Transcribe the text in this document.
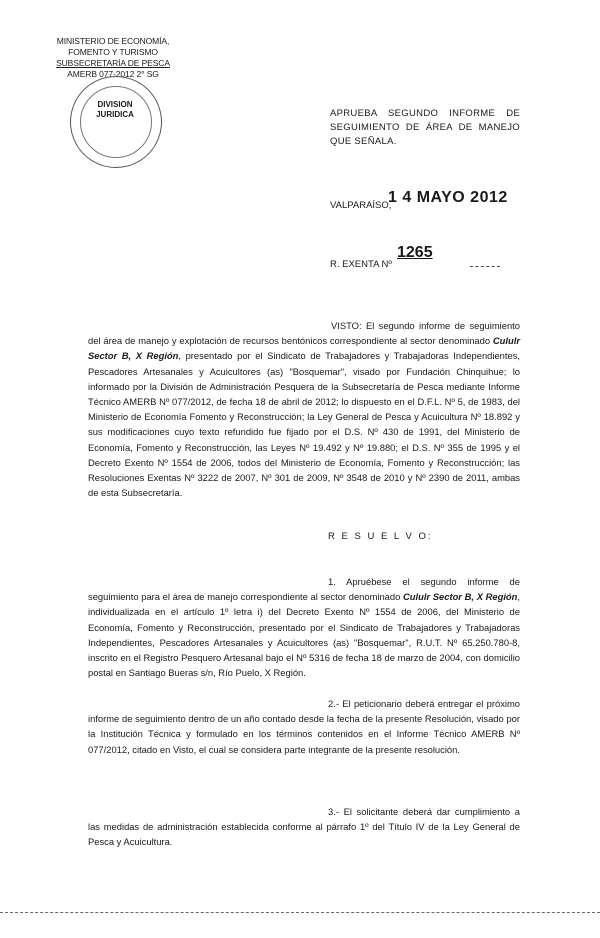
MINISTERIO DE ECONOMÍA,
FOMENTO Y TURISMO
SUBSECRETARÍA DE PESCA
AMERB 077-2012 2° SG
DIVISION
JURIDICA	APRUEBA SEGUNDO INFORME DE SEGUIMIENTO DE ÁREA DE MANEJO QUE SEÑALA.
VALPARAÍSO,
1 4 MAYO 2012
R. EXENTA Nº
1265
VISTO: El segundo informe de seguimiento del área de manejo y explotación de recursos bentónicos correspondiente al sector denominado Cululr Sector B, X Región, presentado por el Sindicato de Trabajadores y Trabajadoras Independientes, Pescadores Artesanales y Acuicultores (as) "Bosquemar", visado por Fundación Chinquihue; lo informado por la División de Administración Pesquera de la Subsecretaría de Pesca mediante Informe Técnico AMERB Nº 077/2012, de fecha 18 de abril de 2012; lo dispuesto en el D.F.L. Nº 5, de 1983, del Ministerio de Economía Fomento y Reconstrucción; la Ley General de Pesca y Acuicultura Nº 18.892 y sus modificaciones cuyo texto refundido fue fijado por el D.S. Nº 430 de 1991, del Ministerio de Economía, Fomento y Reconstrucción, las Leyes Nº 19.492 y Nº 19.880; el D.S. Nº 355 de 1995 y el Decreto Exento Nº 1554 de 2006, todos del Ministerio de Economía, Fomento y Reconstrucción; las Resoluciones Exentas Nº 3222 de 2007, Nº 301 de 2009, Nº 3548 de 2010 y Nº 2390 de 2011, ambas de esta Subsecretaría.
R E S U E L V O:
1. Apruébese el segundo informe de seguimiento para el área de manejo correspondiente al sector denominado Cululr Sector B, X Región, individualizada en el artículo 1º letra i) del Decreto Exento Nº 1554 de 2006, del Ministerio de Economía, Fomento y Reconstrucción, presentado por el Sindicato de Trabajadores y Trabajadoras Independientes, Pescadores Artesanales y Acuicultores (as) "Bosquemar", R.U.T. Nº 65.250.780-8, inscrito en el Registro Pesquero Artesanal bajo el Nº 5316 de fecha 18 de marzo de 2004, con domicilio postal en Santiago Bueras s/n, Río Puelo, X Región.
2.- El peticionario deberá entregar el próximo informe de seguimiento dentro de un año contado desde la fecha de la presente Resolución, visado por la Institución Técnica y formulado en los términos contenidos en el Informe Técnico AMERB Nº 077/2012, citado en Visto, el cual se considera parte integrante de la presente resolución.
3.- El solicitante deberá dar cumplimiento a las medidas de administración establecida conforme al párrafo 1º del Título IV de la Ley General de Pesca y Acuicultura.
